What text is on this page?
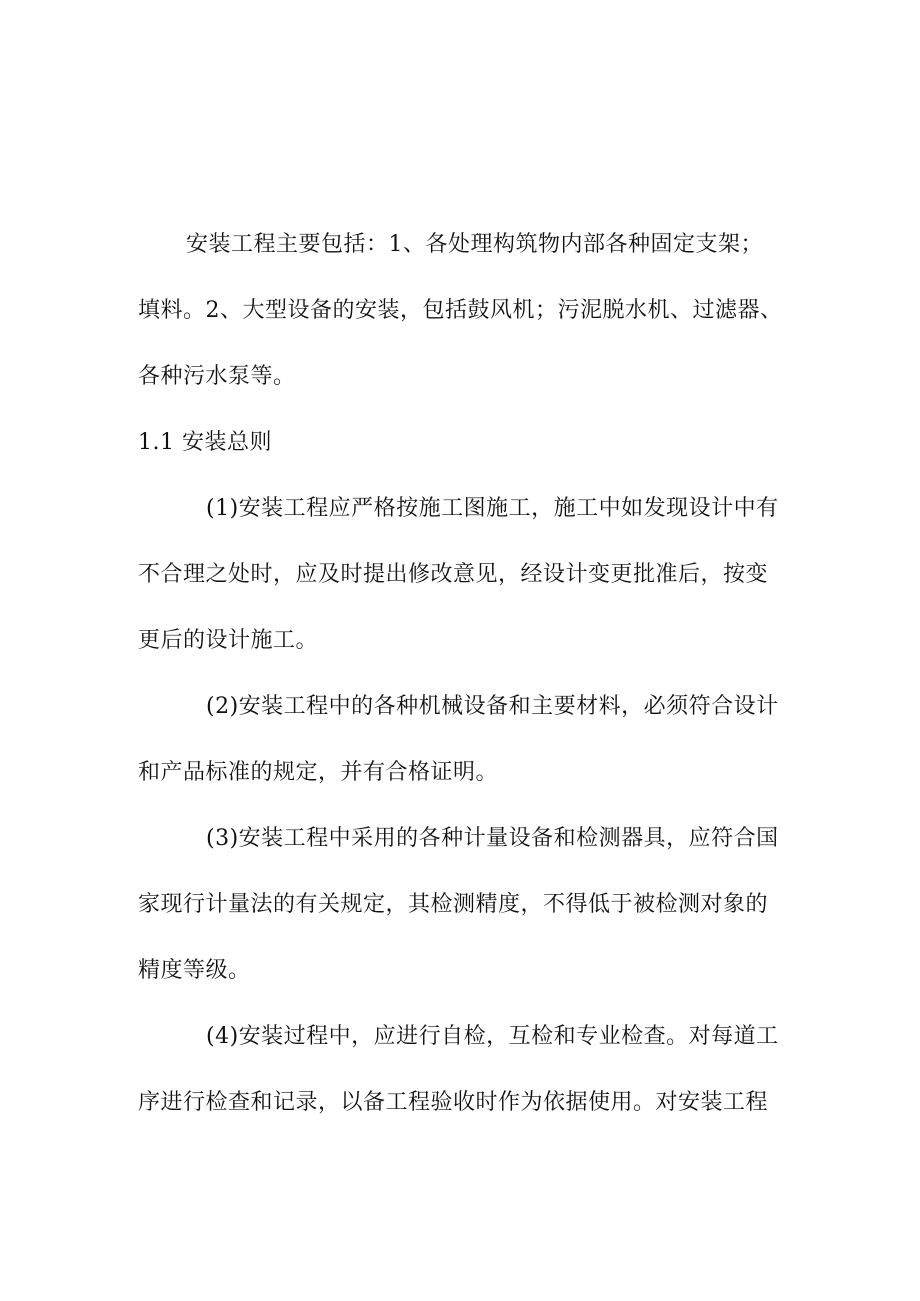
安装工程主要包括：1、各处理构筑物内部各种固定支架；
填料。2、大型设备的安装，包括鼓风机；污泥脱水机、过滤器、
各种污水泵等。
1.1 安装总则
(1)安装工程应严格按施工图施工，施工中如发现设计中有
不合理之处时，应及时提出修改意见，经设计变更批准后，按变
更后的设计施工。
(2)安装工程中的各种机械设备和主要材料，必须符合设计
和产品标准的规定，并有合格证明。
(3)安装工程中采用的各种计量设备和检测器具，应符合国
家现行计量法的有关规定，其检测精度，不得低于被检测对象的
精度等级。
(4)安装过程中，应进行自检，互检和专业检查。对每道工
序进行检查和记录，以备工程验收时作为依据使用。对安装工程
